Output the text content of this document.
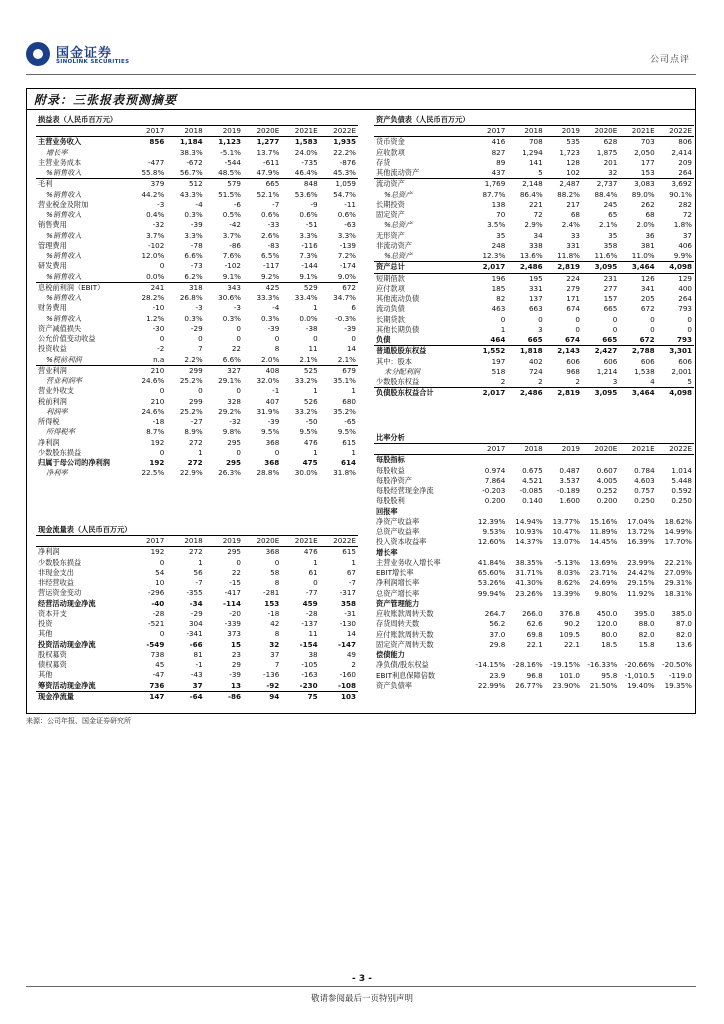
国金证券
SINOLINK SECURITIES	公司点评
附录：三张报表预测摘要
损益表（人民币百万元）
	2017	2018	2019	2020E	2021E	2022E
主营业务收入	856	1,184	1,123	1,277	1,583	1,935
增长率		38.3%	-5.1%	13.7%	24.0%	22.2%
主营业务成本	-477	-672	-544	-611	-735	-876
%销售收入	55.8%	56.7%	48.5%	47.9%	46.4%	45.3%
毛利	379	512	579	665	848	1,059
%销售收入	44.2%	43.3%	51.5%	52.1%	53.6%	54.7%
营业税金及附加	-3	-4	-6	-7	-9	-11
%销售收入	0.4%	0.3%	0.5%	0.6%	0.6%	0.6%
销售费用	-32	-39	-42	-33	-51	-63
%销售收入	3.7%	3.3%	3.7%	2.6%	3.3%	3.3%
管理费用	-102	-78	-86	-83	-116	-139
%销售收入	12.0%	6.6%	7.6%	6.5%	7.3%	7.2%
研发费用	0	-73	-102	-117	-144	-174
%销售收入	0.0%	6.2%	9.1%	9.2%	9.1%	9.0%
息税前利润（EBIT）	241	318	343	425	529	672
%销售收入	28.2%	26.8%	30.6%	33.3%	33.4%	34.7%
财务费用	-10	-3	-3	-4	1	6
%销售收入	1.2%	0.3%	0.3%	0.3%	0.0%	-0.3%
资产减值损失	-30	-29	0	-39	-38	-39
公允价值变动收益	0	0	0	0	0	0
投资收益	-2	7	22	8	11	14
%税前利润	n.a	2.2%	6.6%	2.0%	2.1%	2.1%
营业利润	210	299	327	408	525	679
营业利润率	24.6%	25.2%	29.1%	32.0%	33.2%	35.1%
营业外收支	0	0	0	-1	1	1
税前利润	210	299	328	407	526	680
利润率	24.6%	25.2%	29.2%	31.9%	33.2%	35.2%
所得税	-18	-27	-32	-39	-50	-65
所得税率	8.7%	8.9%	9.8%	9.5%	9.5%	9.5%
净利润	192	272	295	368	476	615
少数股东损益	0	1	0	0	1	1
归属于母公司的净利润	192	272	295	368	475	614
净利率	22.5%	22.9%	26.3%	28.8%	30.0%	31.8%
资产负债表（人民币百万元）
	2017	2018	2019	2020E	2021E	2022E
货币资金	416	708	535	628	703	806
应收款项	827	1,294	1,723	1,875	2,050	2,414
存货	89	141	128	201	177	209
其他流动资产	437	5	102	32	153	264
流动资产	1,769	2,148	2,487	2,737	3,083	3,692
%总资产	87.7%	86.4%	88.2%	88.4%	89.0%	90.1%
长期投资	138	221	217	245	262	282
固定资产	70	72	68	65	68	72
%总资产	3.5%	2.9%	2.4%	2.1%	2.0%	1.8%
无形资产	35	34	33	35	36	37
非流动资产	248	338	331	358	381	406
%总资产	12.3%	13.6%	11.8%	11.6%	11.0%	9.9%
资产总计	2,017	2,486	2,819	3,095	3,464	4,098
短期借款	196	195	224	231	126	129
应付款项	185	331	279	277	341	400
其他流动负债	82	137	171	157	205	264
流动负债	463	663	674	665	672	793
长期贷款	0	0	0	0	0	0
其他长期负债	1	3	0	0	0	0
负债	464	665	674	665	672	793
普通股股东权益	1,552	1,818	2,143	2,427	2,788	3,301
其中：股本	197	402	606	606	606	606
未分配利润	518	724	968	1,214	1,538	2,001
少数股东权益	2	2	2	3	4	5
负债股东权益合计	2,017	2,486	2,819	3,095	3,464	4,098
比率分析
	2017	2018	2019	2020E	2021E	2022E
每股指标						
每股收益	0.974	0.675	0.487	0.607	0.784	1.014
每股净资产	7.864	4.521	3.537	4.005	4.603	5.448
每股经营现金净流	-0.203	-0.085	-0.189	0.252	0.757	0.592
每股股利	0.200	0.140	1.600	0.200	0.250	0.250
回报率						
净资产收益率	12.39%	14.94%	13.77%	15.16%	17.04%	18.62%
总资产收益率	9.53%	10.93%	10.47%	11.89%	13.72%	14.99%
投入资本收益率	12.60%	14.37%	13.07%	14.45%	16.39%	17.70%
增长率						
主营业务收入增长率	41.84%	38.35%	-5.13%	13.69%	23.99%	22.21%
EBIT增长率	65.60%	31.71%	8.03%	23.71%	24.42%	27.09%
净利润增长率	53.26%	41.30%	8.62%	24.69%	29.15%	29.31%
总资产增长率	99.94%	23.26%	13.39%	9.80%	11.92%	18.31%
资产管理能力						
应收账款周转天数	264.7	266.0	376.8	450.0	395.0	385.0
存货周转天数	56.2	62.6	90.2	120.0	88.0	87.0
应付账款周转天数	37.0	69.8	109.5	80.0	82.0	82.0
固定资产周转天数	29.8	22.1	22.1	18.5	15.8	13.6
偿债能力						
净负债/股东权益	-14.15%	-28.16%	-19.15%	-16.33%	-20.66%	-20.50%
EBIT利息保障倍数	23.9	96.8	101.0	95.8	-1,010.5	-119.0
资产负债率	22.99%	26.77%	23.90%	21.50%	19.40%	19.35%
现金流量表（人民币百万元）
	2017	2018	2019	2020E	2021E	2022E
净利润	192	272	295	368	476	615
少数股东损益	0	1	0	0	1	1
非现金支出	54	56	22	58	61	67
非经营收益	10	-7	-15	8	0	-7
营运资金变动	-296	-355	-417	-281	-77	-317
经营活动现金净流	-40	-34	-114	153	459	358
资本开支	-28	-29	-20	-18	-28	-31
投资	-521	304	-339	42	-137	-130
其他	0	-341	373	8	11	14
投资活动现金净流	-549	-66	15	32	-154	-147
股权募资	738	81	23	37	38	49
债权募资	45	-1	29	7	-105	2
其他	-47	-43	-39	-136	-163	-160
筹资活动现金净流	736	37	13	-92	-230	-108
现金净流量	147	-64	-86	94	75	103
来源：公司年报、国金证券研究所
- 3 -
敬请参阅最后一页特别声明
